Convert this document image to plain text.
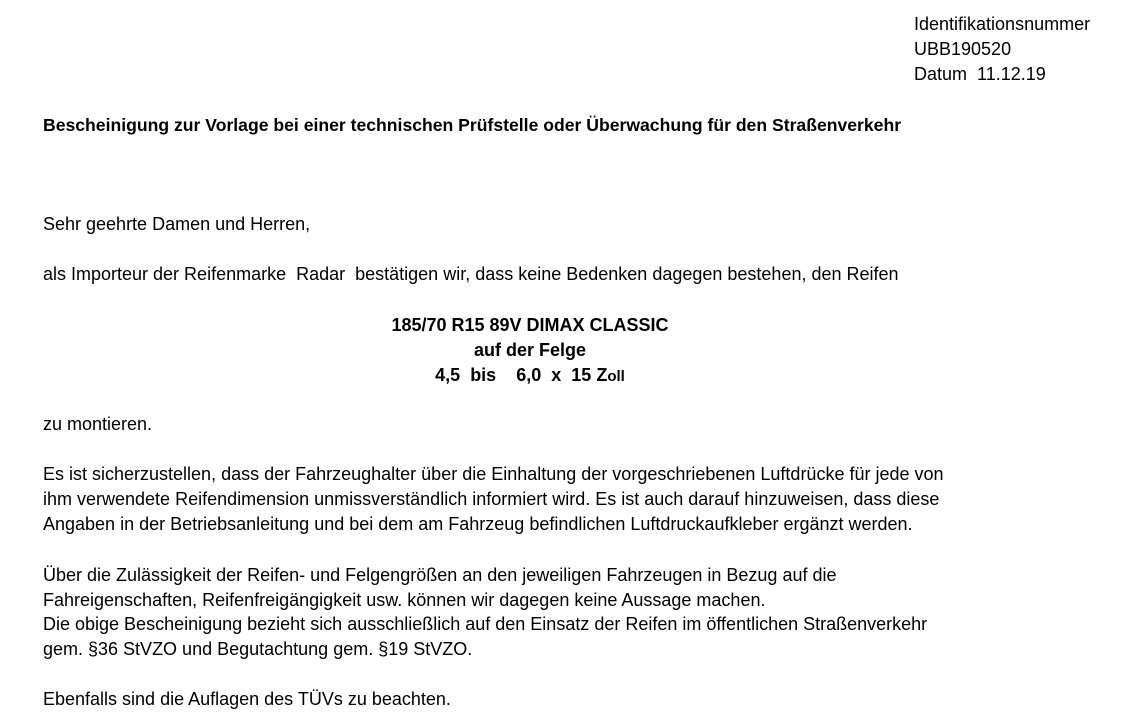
Identifikationsnummer
UBB190520
Datum 11.12.19
Bescheinigung zur Vorlage bei einer technischen Prüfstelle oder Überwachung für den Straßenverkehr
Sehr geehrte Damen und Herren,
als Importeur der Reifenmarke  Radar  bestätigen wir, dass keine Bedenken dagegen bestehen, den Reifen
185/70 R15 89V DIMAX CLASSIC
auf der Felge
4,5 bis 6,0 x 15 Zoll
zu montieren.
Es ist sicherzustellen, dass der Fahrzeughalter über die Einhaltung der vorgeschriebenen Luftdrücke für jede von
ihm verwendete Reifendimension unmissverständlich informiert wird. Es ist auch darauf hinzuweisen, dass diese
Angaben in der Betriebsanleitung und bei dem am Fahrzeug befindlichen Luftdruckaufkleber ergänzt werden.
Über die Zulässigkeit der Reifen- und Felgengrößen an den jeweiligen Fahrzeugen in Bezug auf die
Fahreigenschaften, Reifenfreigängigkeit usw. können wir dagegen keine Aussage machen.
Die obige Bescheinigung bezieht sich ausschließlich auf den Einsatz der Reifen im öffentlichen Straßenverkehr
gem. §36 StVZO und Begutachtung gem. §19 StVZO.
Ebenfalls sind die Auflagen des TÜVs zu beachten.
